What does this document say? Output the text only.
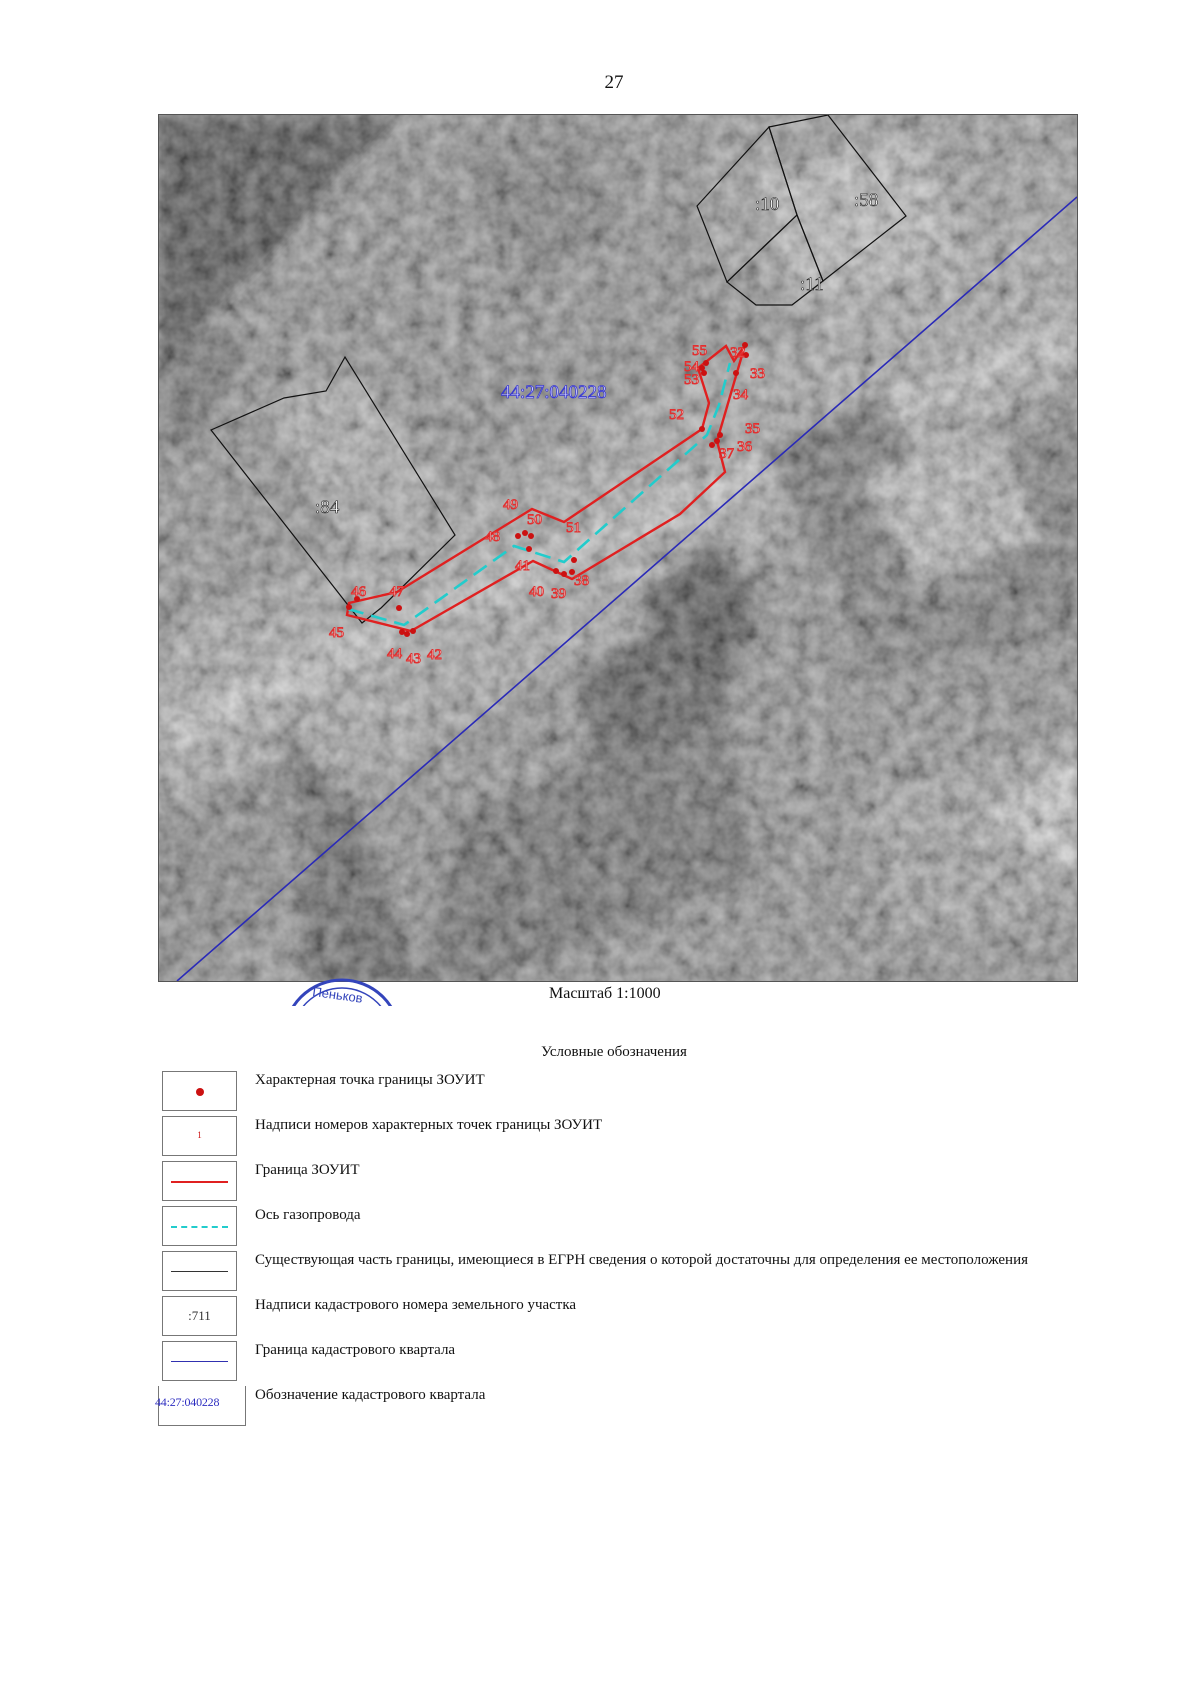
27
:10	:58
:11
:84
44:27:040228
32
33
34
35
36
37
38
39
40
41
42
43
44
45
46 47
48
49
50 51
52
53
54
55
Пеньков	Масштаб 1:1000
Условные обозначения
Характерная точка границы ЗОУИТ
1
Надписи номеров характерных точек границы ЗОУИТ
Граница ЗОУИТ
Ось газопровода
Существующая часть границы, имеющиеся в ЕГРН сведения о которой достаточны для определения ее местоположения
:711
Надписи кадастрового номера земельного участка
Граница кадастрового квартала
44:27:040228	Обозначение кадастрового квартала
